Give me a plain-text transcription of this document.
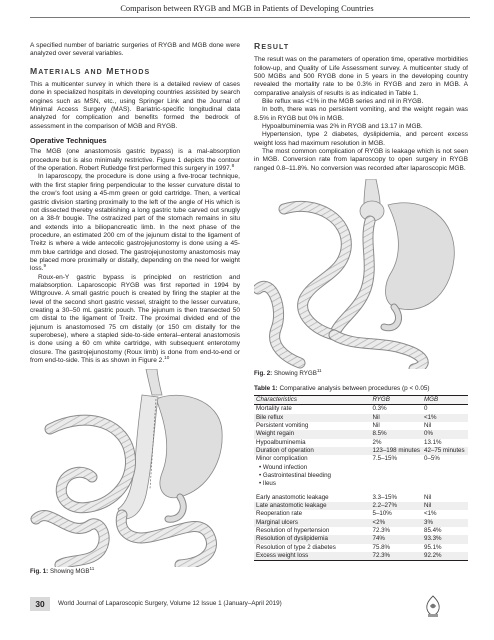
Comparison between RYGB and MGB in Patients of Developing Countries

A specified number of bariatric surgeries of RYGB and MGB done were analyzed over several variables.

MATERIALS AND METHODS

This a multicenter survey in which there is a detailed review of cases done in specialized hospitals in developing countries assisted by search engines such as MSN, etc., using Springer Link and the Journal of Minimal Access Surgery (MAS). Bariatric-specific longitudinal data analyzed for complication and benefits formed the bedrock of assessment in the comparison of MGB and RYGB.

Operative Techniques

The MGB (one anastomosis gastric bypass) is a mal-absorption procedure but is also minimally restrictive. Figure 1 depicts the contour of the operation. Robert Rutledge first performed this surgery in 1997.$^8$

In laparoscopy, the procedure is done using a five-trocar technique, with the first stapler firing perpendicular to the lesser curvature distal to the crow’s foot using a 45-mm green or gold cartridge. Then, a vertical gastric division starting proximally to the left of the angle of His which is not dissected thereby establishing a long gastric tube carved out snugly on a 38-fr bougie. The ostracized part of the stomach remains in situ and extends into a biliopancreatic limb. In the next phase of the procedure, an estimated 200 cm of the jejunum distal to the ligament of Treitz is where a wide antecolic gastrojejunostomy is done using a 45-mm blue cartridge and closed. The gastrojejunostomy anastomosis may be placed more proximally or distally, depending on the need for weight loss.$^9$

Roux-en-Y gastric bypass is principled on restriction and malabsorption. Laparoscopic RYGB was first reported in 1994 by Wittgrouve. A small gastric pouch is created by firing the stapler at the level of the second short gastric vessel, straight to the lesser curvature, creating a 30–50 mL gastric pouch. The jejunum is then transected 50 cm distal to the ligament of Treitz. The proximal divided end of the jejunum is anastomosed 75 cm distally (or 150 cm distally for the superobese), where a stapled side-to-side enteral–enteral anastomosis is done using a 60 cm white cartridge, with subsequent enterotomy closure. The gastrojejunostomy (Roux limb) is done from end-to-end or from end-to-side. This is as shown in Figure 2.10

Fig. 1: Showing MGB$^{11}$
RESULT

The result was on the parameters of operation time, operative morbidities follow-up, and Quality of Life Assessment survey. A multicenter study of 500 MGBs and 500 RYGB done in 5 years in the developing country revealed the mortality rate to be 0.3% in RYGB and zero in MGB. A comparative analysis of results is as indicated in Table 1.

Bile reflux was <1% in the MGB series and nil in RYGB.

In both, there was no persistent vomiting, and the weight regain was 8.5% in RYGB but 0% in MGB.

Hypoalbuminemia was 2% in RYGB and 13.17 in MGB.

Hypertension, type 2 diabetes, dyslipidemia, and percent excess weight loss had maximum resolution in MGB.

The most common complication of RYGB is leakage which is not seen in MGB. Conversion rate from laparoscopy to open surgery in RYGB ranged 0.8–11.8%. No conversion was recorded after laparoscopic MGB.

Fig. 2: Showing RYGB$^{11}$
Table 1: Comparative analysis between procedures (p < 0.05)
Characteristics	RYGB	MGB
Mortality rate	0.3%	0
Bile reflux	Nil	<1%
Persistent vomiting	Nil	Nil
Weight regain	8.5%	0%
Hypoalbuminemia	2%	13.1%
Duration of operation	123–198 minutes	42–75 minutes
Minor complication	7.5–15%	0–5%
• Wound infection		
• Gastrointestinal bleeding		
• Ileus		

Early anastomotic leakage	3.3–15%	Nil
Late anastomotic leakage	2.2–27%	Nil
Reoperation rate	5–10%	<1%
Marginal ulcers	<2%	3%
Resolution of hypertension	72.3%	85.4%
Resolution of dyslipidemia	74%	93.3%
Resolution of type 2 diabetes	75.8%	95.1%
Excess weight loss	72.3%	92.2%
30	World Journal of Laparoscopic Surgery, Volume 12 Issue 1 (January–April 2019)
